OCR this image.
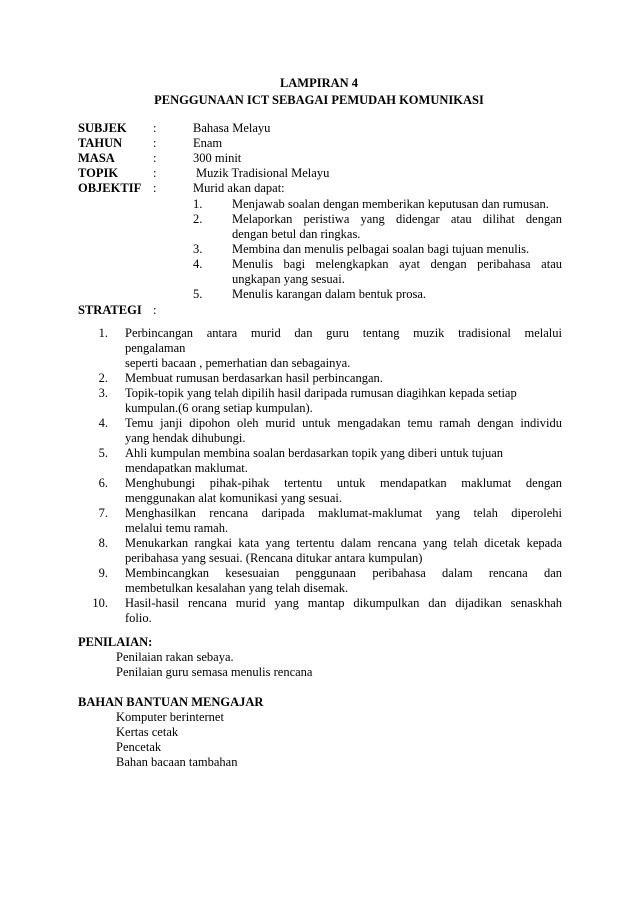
LAMPIRAN 4
PENGGUNAAN ICT SEBAGAI PEMUDAH KOMUNIKASI
SUBJEK :	Bahasa Melayu
TAHUN :	Enam
MASA	:	300 minit
TOPIK	:	Muzik Tradisional Melayu
OBJEKTIF :	Murid akan dapat:
1. Menjawab soalan dengan memberikan keputusan dan rumusan.
2. Melaporkan peristiwa yang didengar atau dilihat dengan
dengan betul dan ringkas.
3. Membina dan menulis pelbagai soalan bagi tujuan menulis.
4. Menulis bagi melengkapkan ayat dengan peribahasa atau
ungkapan yang sesuai.
5. Menulis karangan dalam bentuk prosa.
STRATEGI :
1. Perbincangan antara murid dan guru tentang muzik tradisional melalui
pengalaman
seperti bacaan , pemerhatian dan sebagainya.
2. Membuat rumusan berdasarkan hasil perbincangan.
3. Topik-topik yang telah dipilih hasil daripada rumusan diagihkan kepada setiap
kumpulan.(6 orang setiap kumpulan).
4. Temu janji dipohon oleh murid untuk mengadakan temu ramah dengan individu
yang hendak dihubungi.
5. Ahli kumpulan membina soalan berdasarkan topik yang diberi untuk tujuan
mendapatkan maklumat.
6. Menghubungi pihak-pihak tertentu untuk mendapatkan maklumat dengan
menggunakan alat komunikasi yang sesuai.
7. Menghasilkan rencana daripada maklumat-maklumat yang telah diperolehi
melalui temu ramah.
8. Menukarkan rangkai kata yang tertentu dalam rencana yang telah dicetak kepada
peribahasa yang sesuai. (Rencana ditukar antara kumpulan)
9. Membincangkan kesesuaian penggunaan peribahasa dalam rencana dan
membetulkan kesalahan yang telah disemak.
10. Hasil-hasil rencana murid yang mantap dikumpulkan dan dijadikan senaskhah
folio.
PENILAIAN:
Penilaian rakan sebaya.
Penilaian guru semasa menulis rencana
BAHAN BANTUAN MENGAJAR
Komputer berinternet
Kertas cetak
Pencetak
Bahan bacaan tambahan
